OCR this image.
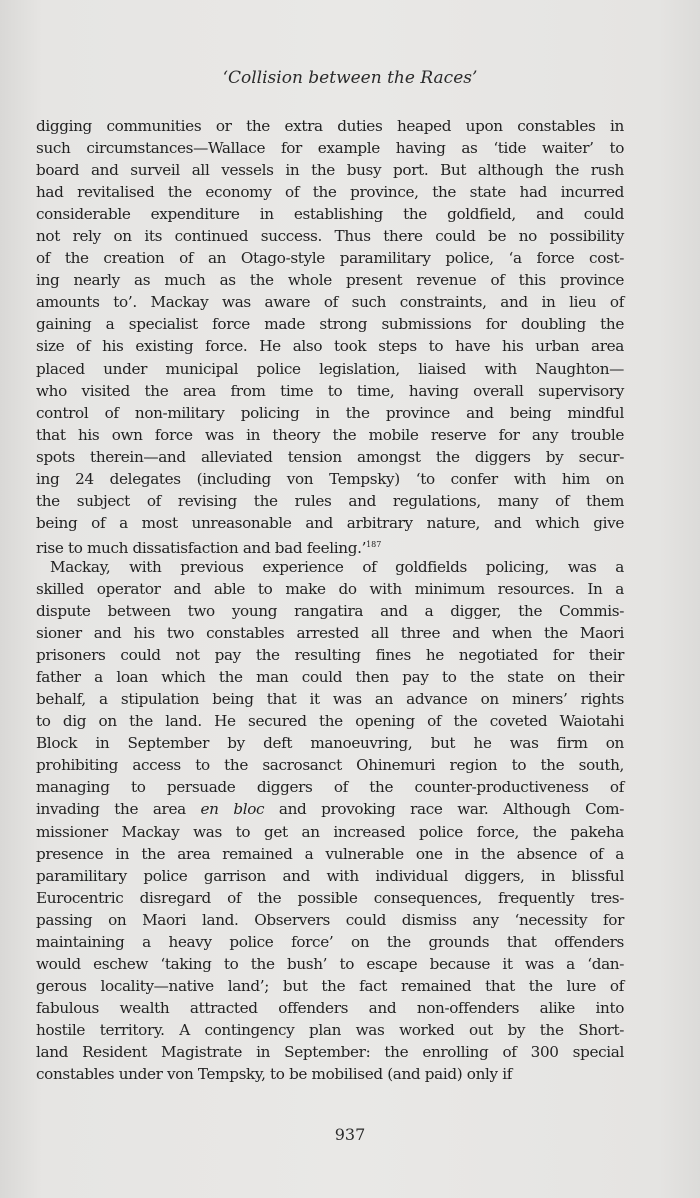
‘Collision between the Races’
digging communities or the extra duties heaped upon constables in
such circumstances—Wallace for example having as ‘tide waiter’ to
board and surveil all vessels in the busy port. But although the rush
had revitalised the economy of the province, the state had incurred
considerable expenditure in establishing the goldfield, and could
not rely on its continued success. Thus there could be no possibility
of the creation of an Otago-style paramilitary police, ‘a force cost-
ing nearly as much as the whole present revenue of this province
amounts to’. Mackay was aware of such constraints, and in lieu of
gaining a specialist force made strong submissions for doubling the
size of his existing force. He also took steps to have his urban area
placed under municipal police legislation, liaised with Naughton—
who visited the area from time to time, having overall supervisory
control of non-military policing in the province and being mindful
that his own force was in theory the mobile reserve for any trouble
spots therein—and alleviated tension amongst the diggers by secur-
ing 24 delegates (including von Tempsky) ‘to confer with him on
the subject of revising the rules and regulations, many of them
being of a most unreasonable and arbitrary nature, and which give
rise to much dissatisfaction and bad feeling.’$^{187}$
Mackay, with previous experience of goldfields policing, was a
skilled operator and able to make do with minimum resources. In a
dispute between two young rangatira and a digger, the Commis-
sioner and his two constables arrested all three and when the Maori
prisoners could not pay the resulting fines he negotiated for their
father a loan which the man could then pay to the state on their
behalf, a stipulation being that it was an advance on miners’ rights
to dig on the land. He secured the opening of the coveted Waiotahi
Block in September by deft manoeuvring, but he was firm on
prohibiting access to the sacrosanct Ohinemuri region to the south,
managing to persuade diggers of the counter-productiveness of
invading the area en bloc and provoking race war. Although Com-
missioner Mackay was to get an increased police force, the pakeha
presence in the area remained a vulnerable one in the absence of a
paramilitary police garrison and with individual diggers, in blissful
Eurocentric disregard of the possible consequences, frequently tres-
passing on Maori land. Observers could dismiss any ‘necessity for
maintaining a heavy police force’ on the grounds that offenders
would eschew ‘taking to the bush’ to escape because it was a ‘dan-
gerous locality—native land’; but the fact remained that the lure of
fabulous wealth attracted offenders and non-offenders alike into
hostile territory. A contingency plan was worked out by the Short-
land Resident Magistrate in September: the enrolling of 300 special
constables under von Tempsky, to be mobilised (and paid) only if
937
